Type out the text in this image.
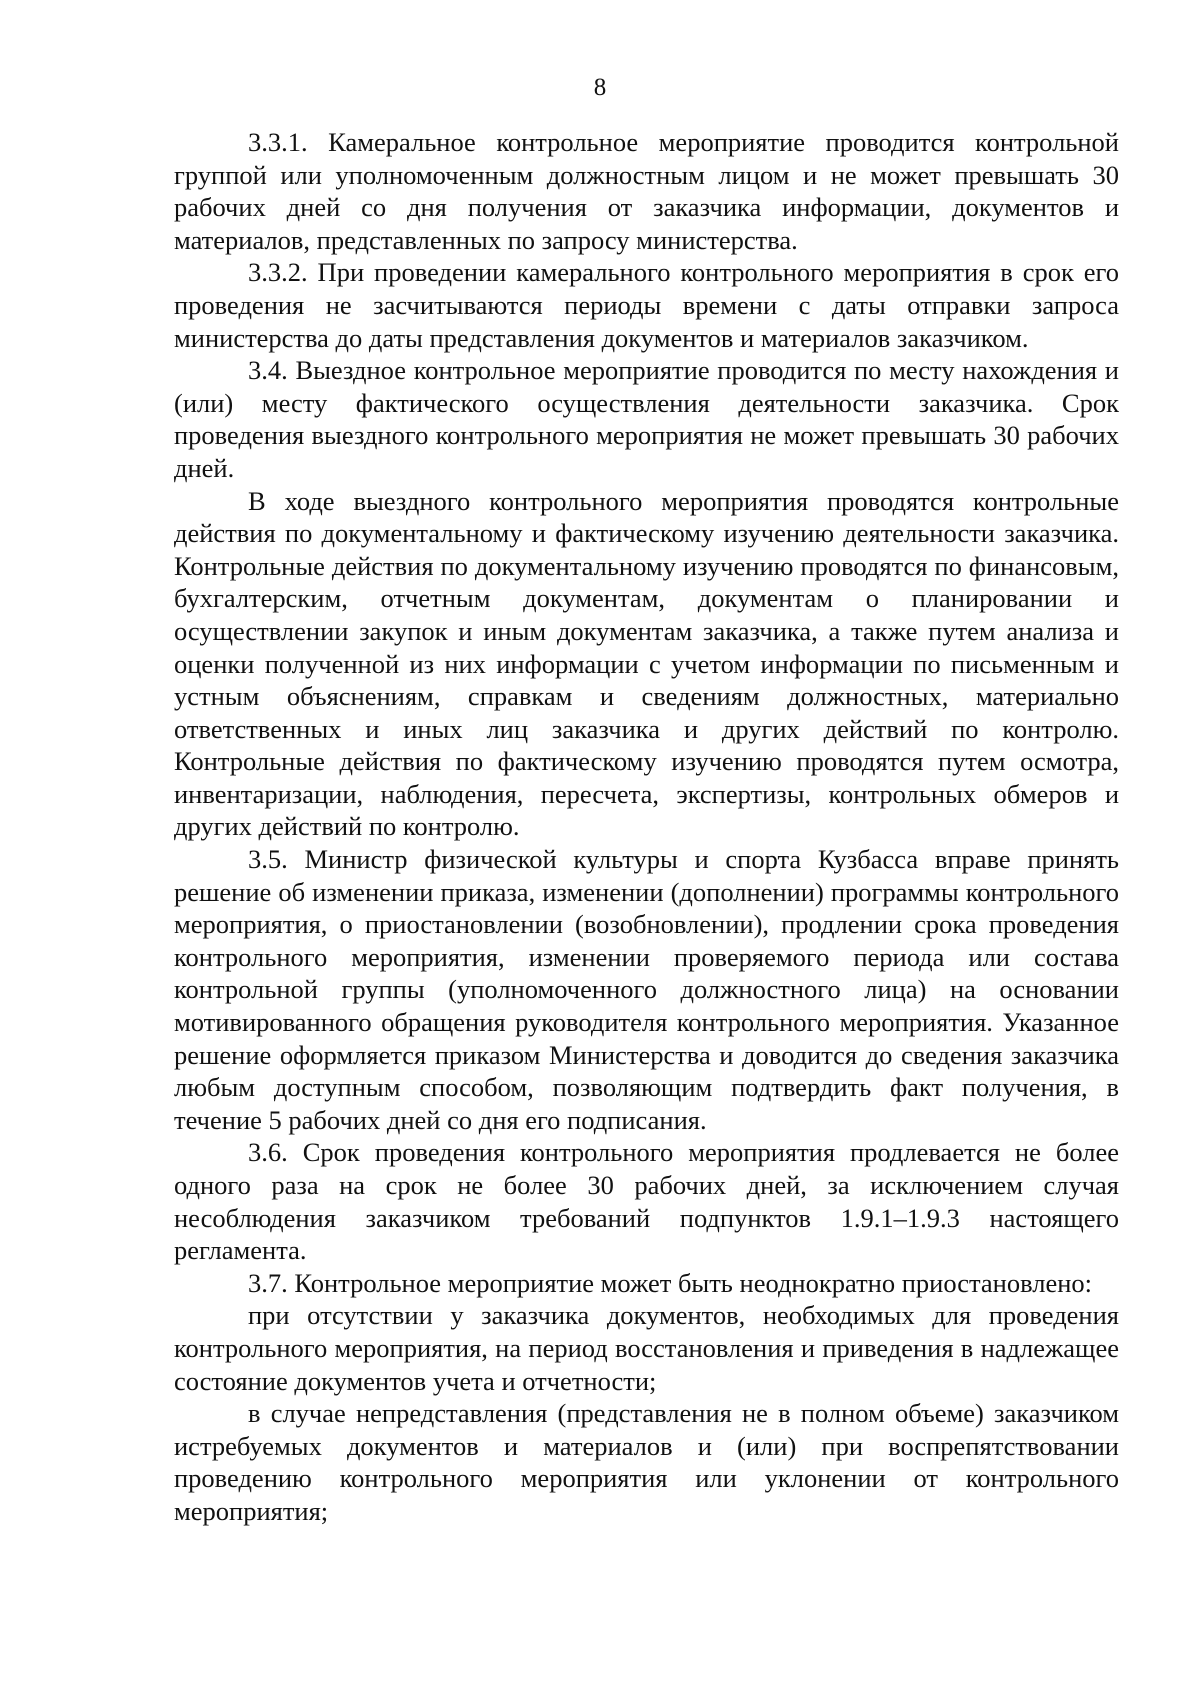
8

3.3.1. Камеральное контрольное мероприятие проводится контрольной группой или уполномоченным должностным лицом и не может превышать 30 рабочих дней со дня получения от заказчика информации, документов и материалов, представленных по запросу министерства.

3.3.2. При проведении камерального контрольного мероприятия в срок его проведения не засчитываются периоды времени с даты отправки запроса министерства до даты представления документов и материалов заказчиком.

3.4. Выездное контрольное мероприятие проводится по месту нахождения и (или) месту фактического осуществления деятельности заказчика. Срок проведения выездного контрольного мероприятия не может превышать 30 рабочих дней.

В ходе выездного контрольного мероприятия проводятся контрольные действия по документальному и фактическому изучению деятельности заказчика. Контрольные действия по документальному изучению проводятся по финансовым, бухгалтерским, отчетным документам, документам о планировании и осуществлении закупок и иным документам заказчика, а также путем анализа и оценки полученной из них информации с учетом информации по письменным и устным объяснениям, справкам и сведениям должностных, материально ответственных и иных лиц заказчика и других действий по контролю. Контрольные действия по фактическому изучению проводятся путем осмотра, инвентаризации, наблюдения, пересчета, экспертизы, контрольных обмеров и других действий по контролю.

3.5. Министр физической культуры и спорта Кузбасса вправе принять решение об изменении приказа, изменении (дополнении) программы контрольного мероприятия, о приостановлении (возобновлении), продлении срока проведения контрольного мероприятия, изменении проверяемого периода или состава контрольной группы (уполномоченного должностного лица) на основании мотивированного обращения руководителя контрольного мероприятия. Указанное решение оформляется приказом Министерства и доводится до сведения заказчика любым доступным способом, позволяющим подтвердить факт получения, в течение 5 рабочих дней со дня его подписания.

3.6. Срок проведения контрольного мероприятия продлевается не более одного раза на срок не более 30 рабочих дней, за исключением случая несоблюдения заказчиком требований подпунктов 1.9.1–1.9.3 настоящего регламента.

3.7. Контрольное мероприятие может быть неоднократно приостановлено:

при отсутствии у заказчика документов, необходимых для проведения контрольного мероприятия, на период восстановления и приведения в надлежащее состояние документов учета и отчетности;

в случае непредставления (представления не в полном объеме) заказчиком истребуемых документов и материалов и (или) при воспрепятствовании проведению контрольного мероприятия или уклонении от контрольного мероприятия;
